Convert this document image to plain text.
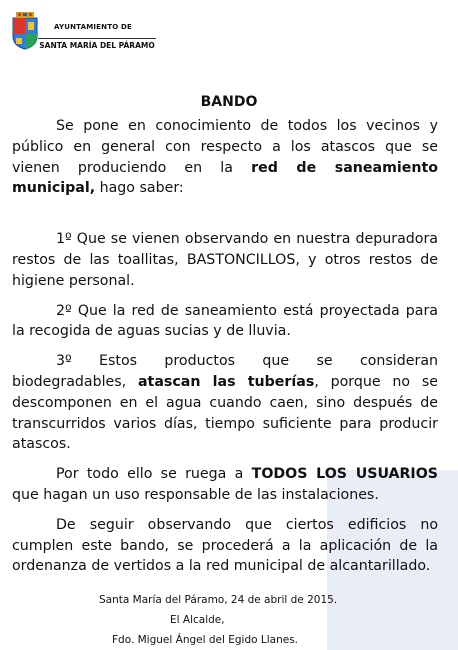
AYUNTAMIENTO DE
SANTA MARÍA DEL PÁRAMO
BANDO

Se pone en conocimiento de todos los vecinos y público en general con respecto a los atascos que se vienen produciendo en la red de saneamiento municipal, hago saber:

1º Que se vienen observando en nuestra depuradora restos de las toallitas, BASTONCILLOS, y otros restos de higiene personal.

2º Que la red de saneamiento está proyectada para la recogida de aguas sucias y de lluvia.

3º Estos productos que se consideran biodegradables, atascan las tuberías, porque no se descomponen en el agua cuando caen, sino después de transcurridos varios días, tiempo suficiente para producir atascos.

Por todo ello se ruega a TODOS LOS USUARIOS que hagan un uso responsable de las instalaciones.

De seguir observando que ciertos edificios no cumplen este bando, se procederá a la aplicación de la ordenanza de vertidos a la red municipal de alcantarillado.

Santa María del Páramo, 24 de abril de 2015.
El Alcalde,
Fdo. Miguel Ángel del Egido Llanes.
